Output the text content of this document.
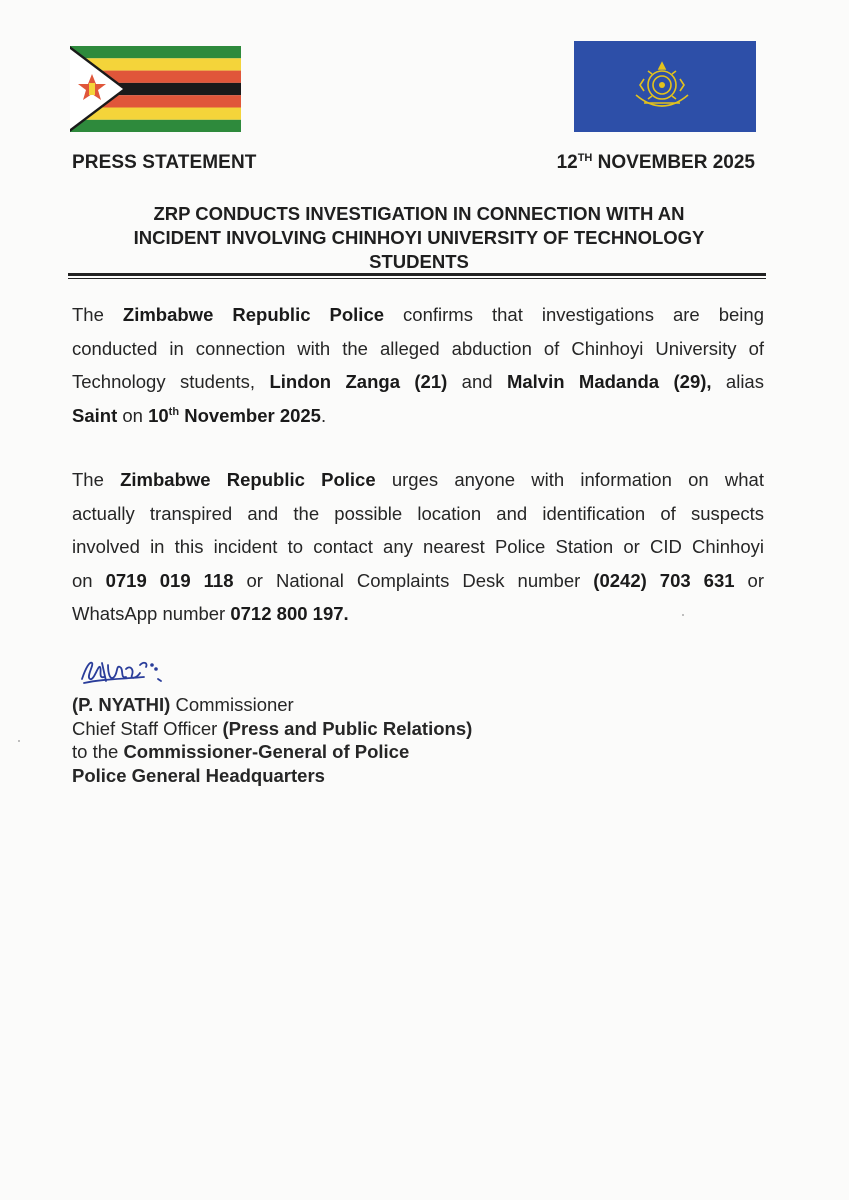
PRESS STATEMENT	12TH NOVEMBER 2025
ZRP CONDUCTS INVESTIGATION IN CONNECTION WITH AN
INCIDENT INVOLVING CHINHOYI UNIVERSITY OF TECHNOLOGY
STUDENTS
The Zimbabwe Republic Police confirms that investigations are being
conducted in connection with the alleged abduction of Chinhoyi University of
Technology students, Lindon Zanga (21) and Malvin Madanda (29), alias
Saint on 10th November 2025.
The Zimbabwe Republic Police urges anyone with information on what
actually transpired and the possible location and identification of suspects
involved in this incident to contact any nearest Police Station or CID Chinhoyi
on 0719 019 118 or National Complaints Desk number (0242) 703 631 or
WhatsApp number 0712 800 197.
(P. NYATHI) Commissioner
Chief Staff Officer (Press and Public Relations)
to the Commissioner-General of Police
Police General Headquarters
